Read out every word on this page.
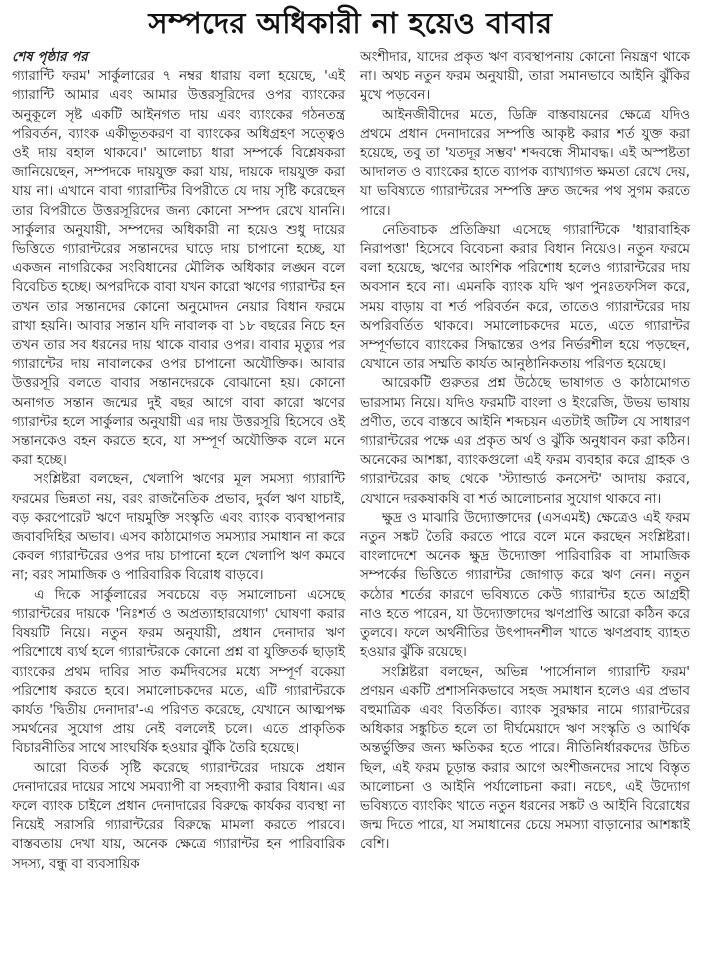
সম্পদের অধিকারী না হয়েও বাবার

শেষ পৃষ্ঠার পর

গ্যারান্টি ফরম' সার্কুলারের ৭ নম্বর ধারায় বলা হয়েছে, 'এই গ্যারান্টি আমার এবং আমার উত্তরসূরিদের ওপর ব্যাংকের অনুকূলে সৃষ্ট একটি আইনগত দায় এবং ব্যাংকের গঠনতন্ত্র পরিবর্তন, ব্যাংক একীভূতকরণ বা ব্যাংকের অধিগ্রহণ সত্ত্বেও ওই দায় বহাল থাকবে।' আলোচ্য ধারা সম্পর্কে বিশ্লেষকরা জানিয়েছেন, সম্পদকে দায়যুক্ত করা যায়, দায়কে দায়যুক্ত করা যায় না। এখানে বাবা গ্যারান্টির বিপরীতে যে দায় সৃষ্টি করেছেন তার বিপরীতে উত্তরসূরিদের জন্য কোনো সম্পদ রেখে যাননি। সার্কুলার অনুযায়ী, সম্পদের অধিকারী না হয়েও শুধু দায়ের ভিত্তিতে গ্যারান্টরের সন্তানদের ঘাড়ে দায় চাপানো হচ্ছে, যা একজন নাগরিকের সংবিধানের মৌলিক অধিকার লঙ্ঘন বলে বিবেচিত হচ্ছে। অপরদিকে বাবা যখন কারো ঋণের গ্যারান্টর হন তখন তার সন্তানদের কোনো অনুমোদন নেয়ার বিধান ফরমে রাখা হয়নি। আবার সন্তান যদি নাবালক বা ১৮ বছরের নিচে হন তখন তার সব ধরনের দায় থাকে বাবার ওপর। বাবার মৃত্যুর পর গ্যারান্টের দায় নাবালকের ওপর চাপানো অযৌক্তিক। আবার উত্তরসূরি বলতে বাবার সন্তানদেরকে বোঝানো হয়। কোনো অনাগত সন্তান জন্মের দুই বছর আগে বাবা কারো ঋণের গ্যারান্টর হলে সার্কুলার অনুযায়ী এর দায় উত্তরসূরি হিসেবে ওই সন্তানকেও বহন করতে হবে, যা সম্পূর্ণ অযৌক্তিক বলে মনে করা হচ্ছে।

সংশ্লিষ্টরা বলছেন, খেলাপি ঋণের মূল সমস্যা গ্যারান্টি ফরমের ভিন্নতা নয়, বরং রাজনৈতিক প্রভাব, দুর্বল ঋণ যাচাই, বড় করপোরেট ঋণে দায়মুক্তি সংস্কৃতি এবং ব্যাংক ব্যবস্থাপনার জবাবদিহির অভাব। এসব কাঠামোগত সমস্যার সমাধান না করে কেবল গ্যারান্টরের ওপর দায় চাপানো হলে খেলাপি ঋণ কমবে না; বরং সামাজিক ও পারিবারিক বিরোধ বাড়বে।

এ দিকে সার্কুলারের সবচেয়ে বড় সমালোচনা এসেছে গ্যারান্টরের দায়কে 'নিঃশর্ত ও অপ্রত্যাহারযোগ্য' ঘোষণা করার বিষয়টি নিয়ে। নতুন ফরম অনুযায়ী, প্রধান দেনাদার ঋণ পরিশোধে ব্যর্থ হলে গ্যারান্টরকে কোনো প্রশ্ন বা যুক্তিতর্ক ছাড়াই ব্যাংকের প্রথম দাবির সাত কর্মদিবসের মধ্যে সম্পূর্ণ বকেয়া পরিশোধ করতে হবে। সমালোচকদের মতে, এটি গ্যারান্টরকে কার্যত 'দ্বিতীয় দেনাদার'-এ পরিণত করেছে, যেখানে আত্মপক্ষ সমর্থনের সুযোগ প্রায় নেই বললেই চলে। এতে প্রাকৃতিক বিচারনীতির সাথে সাংঘর্ষিক হওয়ার ঝুঁকি তৈরি হয়েছে।

আরো বিতর্ক সৃষ্টি করেছে গ্যারান্টরের দায়কে প্রধান দেনাদারের দায়ের সাথে সমব্যাপী বা সহব্যাপী করার বিধান। এর ফলে ব্যাংক চাইলে প্রধান দেনাদারের বিরুদ্ধে কার্যকর ব্যবস্থা না নিয়েই সরাসরি গ্যারান্টরের বিরুদ্ধে মামলা করতে পারবে। বাস্তবতায় দেখা যায়, অনেক ক্ষেত্রে গ্যারান্টর হন পারিবারিক সদস্য, বন্ধু বা ব্যবসায়িক

অংশীদার, যাদের প্রকৃত ঋণ ব্যবস্থাপনায় কোনো নিয়ন্ত্রণ থাকে না। অথচ নতুন ফরম অনুযায়ী, তারা সমানভাবে আইনি ঝুঁকির মুখে পড়বেন।

আইনজীবীদের মতে, ডিক্রি বাস্তবায়নের ক্ষেত্রে যদিও প্রথমে প্রধান দেনাদারের সম্পত্তি আকৃষ্ট করার শর্ত যুক্ত করা হয়েছে, তবু তা 'যতদূর সম্ভব' শব্দবন্ধে সীমাবদ্ধ। এই অস্পষ্টতা আদালত ও ব্যাংকের হাতে ব্যাপক ব্যাখ্যাগত ক্ষমতা রেখে দেয়, যা ভবিষ্যতে গ্যারান্টরের সম্পত্তি দ্রুত জব্দের পথ সুগম করতে পারে।

নেতিবাচক প্রতিক্রিয়া এসেছে গ্যারান্টিকে 'ধারাবাহিক নিরাপত্তা' হিসেবে বিবেচনা করার বিধান নিয়েও। নতুন ফরমে বলা হয়েছে, ঋণের আংশিক পরিশোধ হলেও গ্যারান্টরের দায় অবসান হবে না। এমনকি ব্যাংক যদি ঋণ পুনঃতফসিল করে, সময় বাড়ায় বা শর্ত পরিবর্তন করে, তাতেও গ্যারান্টরের দায় অপরিবর্তিত থাকবে। সমালোচকদের মতে, এতে গ্যারান্টর সম্পূর্ণভাবে ব্যাংকের সিদ্ধান্তের ওপর নির্ভরশীল হয়ে পড়ছেন, যেখানে তার সম্মতি কার্যত আনুষ্ঠানিকতায় পরিণত হয়েছে।

আরেকটি গুরুতর প্রশ্ন উঠেছে ভাষাগত ও কাঠামোগত ভারসাম্য নিয়ে। যদিও ফরমটি বাংলা ও ইংরেজি, উভয় ভাষায় প্রণীত, তবে বাস্তবে আইনি শব্দচয়ন এতটাই জটিল যে সাধারণ গ্যারান্টরের পক্ষে এর প্রকৃত অর্থ ও ঝুঁকি অনুধাবন করা কঠিন। অনেকের আশঙ্কা, ব্যাংকগুলো এই ফরম ব্যবহার করে গ্রাহক ও গ্যারান্টরের কাছ থেকে 'স্ট্যান্ডার্ড কনসেন্ট' আদায় করবে, যেখানে দরকষাকষি বা শর্ত আলোচনার সুযোগ থাকবে না।

ক্ষুদ্র ও মাঝারি উদ্যোক্তাদের (এসএমই) ক্ষেত্রেও এই ফরম নতুন সঙ্কট তৈরি করতে পারে বলে মনে করছেন সংশ্লিষ্টরা। বাংলাদেশে অনেক ক্ষুদ্র উদ্যোক্তা পারিবারিক বা সামাজিক সম্পর্কের ভিত্তিতে গ্যারান্টর জোগাড় করে ঋণ নেন। নতুন কঠোর শর্তের কারণে ভবিষ্যতে কেউ গ্যারান্টর হতে আগ্রহী নাও হতে পারেন, যা উদ্যোক্তাদের ঋণপ্রাপ্তি আরো কঠিন করে তুলবে। ফলে অর্থনীতির উৎপাদনশীল খাতে ঋণপ্রবাহ ব্যাহত হওয়ার ঝুঁকি রয়েছে।

সংশ্লিষ্টরা বলছেন, অভিন্ন 'পার্সোনাল গ্যারান্টি ফরম' প্রণয়ন একটি প্রশাসনিকভাবে সহজ সমাধান হলেও এর প্রভাব বহুমাত্রিক এবং বিতর্কিত। ব্যাংক সুরক্ষার নামে গ্যারান্টরের অধিকার সঙ্কুচিত হলে তা দীর্ঘমেয়াদে ঋণ সংস্কৃতি ও আর্থিক অন্তর্ভুক্তির জন্য ক্ষতিকর হতে পারে। নীতিনির্ধারকদের উচিত ছিল, এই ফরম চূড়ান্ত করার আগে অংশীজনদের সাথে বিস্তৃত আলোচনা ও আইনি পর্যালোচনা করা। নচেৎ, এই উদ্যোগ ভবিষ্যতে ব্যাংকিং খাতে নতুন ধরনের সঙ্কট ও আইনি বিরোধের জন্ম দিতে পারে, যা সমাধানের চেয়ে সমস্যা বাড়ানোর আশঙ্কাই বেশি।
